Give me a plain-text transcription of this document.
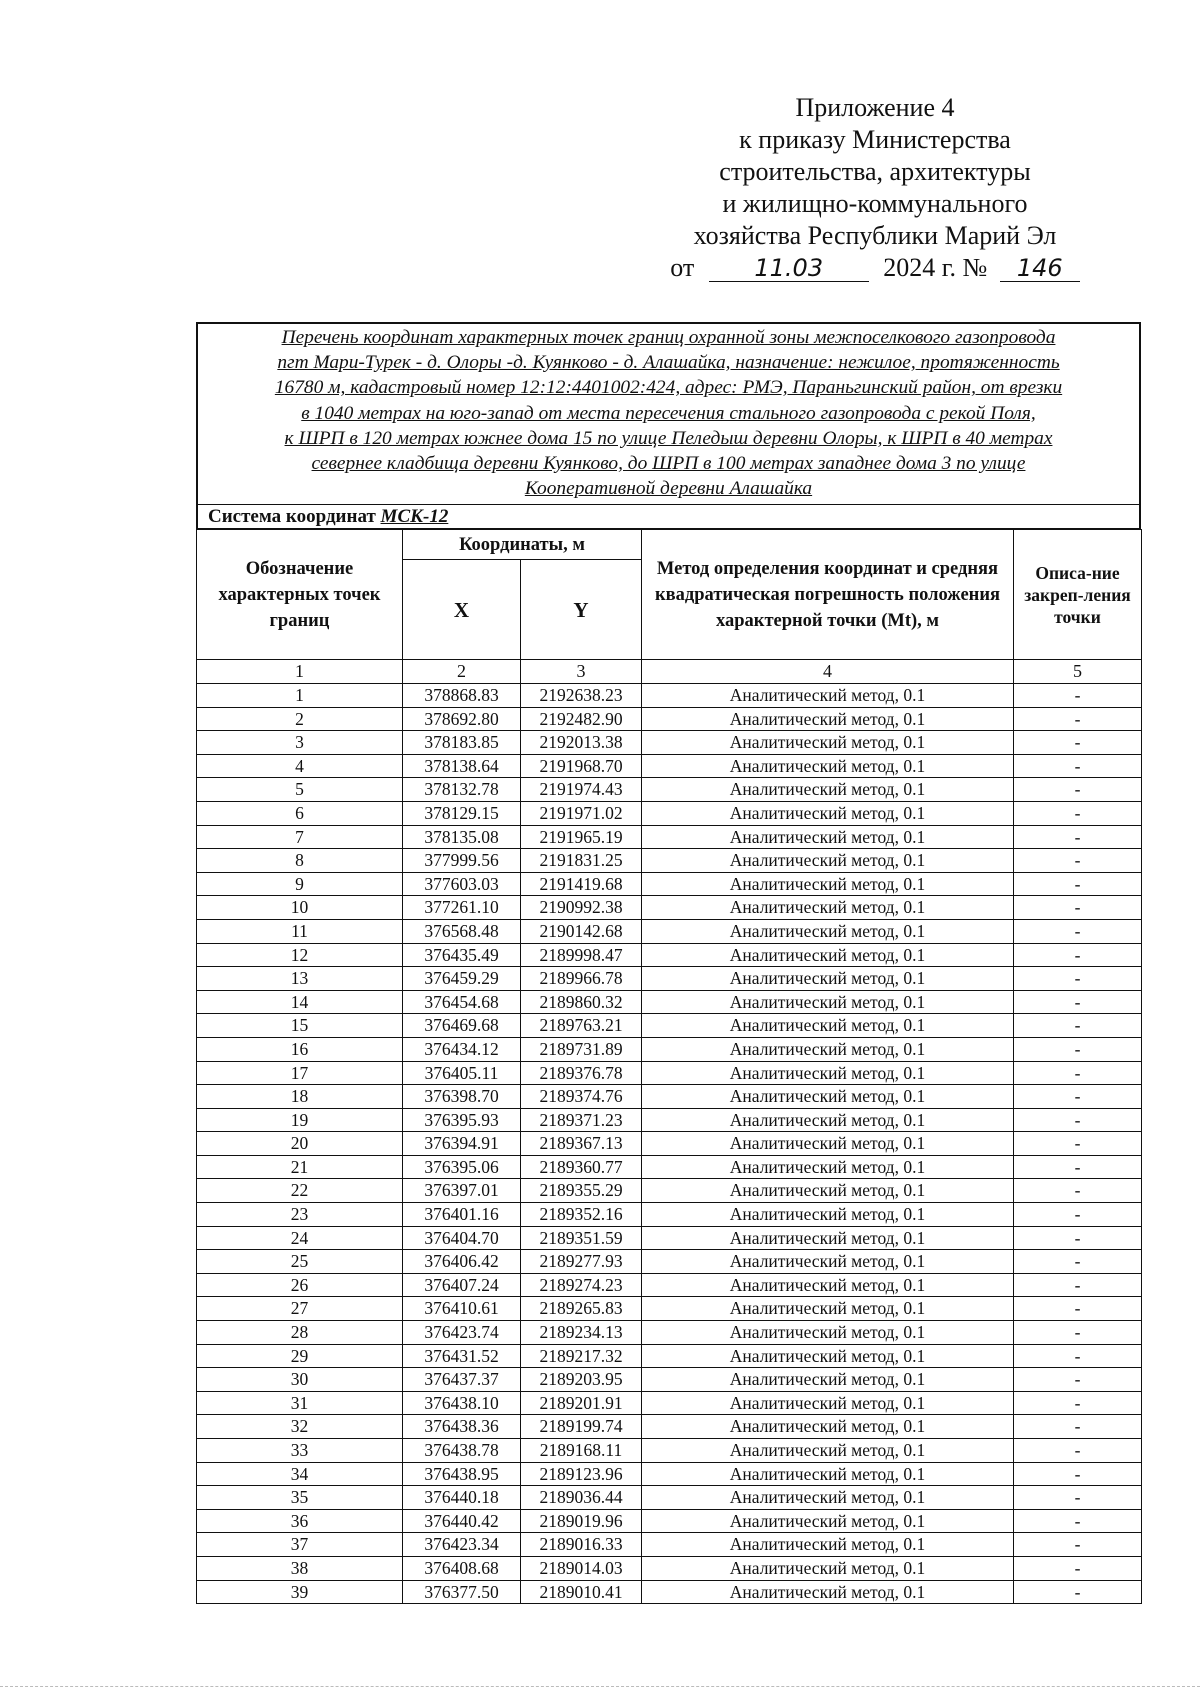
Приложение 4
к приказу Министерства
строительства, архитектуры
и жилищно-коммунального
хозяйства Республики Марий Эл
от	11.03 2024 г. № 146
Перечень координат характерных точек границ охранной зоны межпоселкового газопровода
пгт Мари-Турек - д. Олоры -д. Куянково - д. Алашайка, назначение: нежилое, протяженность
16780 м, кадастровый номер 12:12:4401002:424, адрес: РМЭ, Параньгинский район, от врезки
в 1040 метрах на юго-запад от места пересечения стального газопровода с рекой Поля,
к ШРП в 120 метрах южнее дома 15 по улице Пеледыш деревни Олоры, к ШРП в 40 метрах
севернее кладбища деревни Куянково, до ШРП в 100 метрах западнее дома 3 по улице
Кооперативной деревни Алашайка
Система координат МСК-12
Обозначение характерных точек границ	Координаты, м		Метод определения координат и средняя квадратическая погрешность положения характерной точки (Mt), м	Описа-ние закреп-ления точки
	X	Y		
1	2	3	4	5
1	378868.83	2192638.23	Аналитический метод, 0.1	-
2	378692.80	2192482.90	Аналитический метод, 0.1	-
3	378183.85	2192013.38	Аналитический метод, 0.1	-
4	378138.64	2191968.70	Аналитический метод, 0.1	-
5	378132.78	2191974.43	Аналитический метод, 0.1	-
6	378129.15	2191971.02	Аналитический метод, 0.1	-
7	378135.08	2191965.19	Аналитический метод, 0.1	-
8	377999.56	2191831.25	Аналитический метод, 0.1	-
9	377603.03	2191419.68	Аналитический метод, 0.1	-
10	377261.10	2190992.38	Аналитический метод, 0.1	-
11	376568.48	2190142.68	Аналитический метод, 0.1	-
12	376435.49	2189998.47	Аналитический метод, 0.1	-
13	376459.29	2189966.78	Аналитический метод, 0.1	-
14	376454.68	2189860.32	Аналитический метод, 0.1	-
15	376469.68	2189763.21	Аналитический метод, 0.1	-
16	376434.12	2189731.89	Аналитический метод, 0.1	-
17	376405.11	2189376.78	Аналитический метод, 0.1	-
18	376398.70	2189374.76	Аналитический метод, 0.1	-
19	376395.93	2189371.23	Аналитический метод, 0.1	-
20	376394.91	2189367.13	Аналитический метод, 0.1	-
21	376395.06	2189360.77	Аналитический метод, 0.1	-
22	376397.01	2189355.29	Аналитический метод, 0.1	-
23	376401.16	2189352.16	Аналитический метод, 0.1	-
24	376404.70	2189351.59	Аналитический метод, 0.1	-
25	376406.42	2189277.93	Аналитический метод, 0.1	-
26	376407.24	2189274.23	Аналитический метод, 0.1	-
27	376410.61	2189265.83	Аналитический метод, 0.1	-
28	376423.74	2189234.13	Аналитический метод, 0.1	-
29	376431.52	2189217.32	Аналитический метод, 0.1	-
30	376437.37	2189203.95	Аналитический метод, 0.1	-
31	376438.10	2189201.91	Аналитический метод, 0.1	-
32	376438.36	2189199.74	Аналитический метод, 0.1	-
33	376438.78	2189168.11	Аналитический метод, 0.1	-
34	376438.95	2189123.96	Аналитический метод, 0.1	-
35	376440.18	2189036.44	Аналитический метод, 0.1	-
36	376440.42	2189019.96	Аналитический метод, 0.1	-
37	376423.34	2189016.33	Аналитический метод, 0.1	-
38	376408.68	2189014.03	Аналитический метод, 0.1	-
39	376377.50	2189010.41	Аналитический метод, 0.1	-
